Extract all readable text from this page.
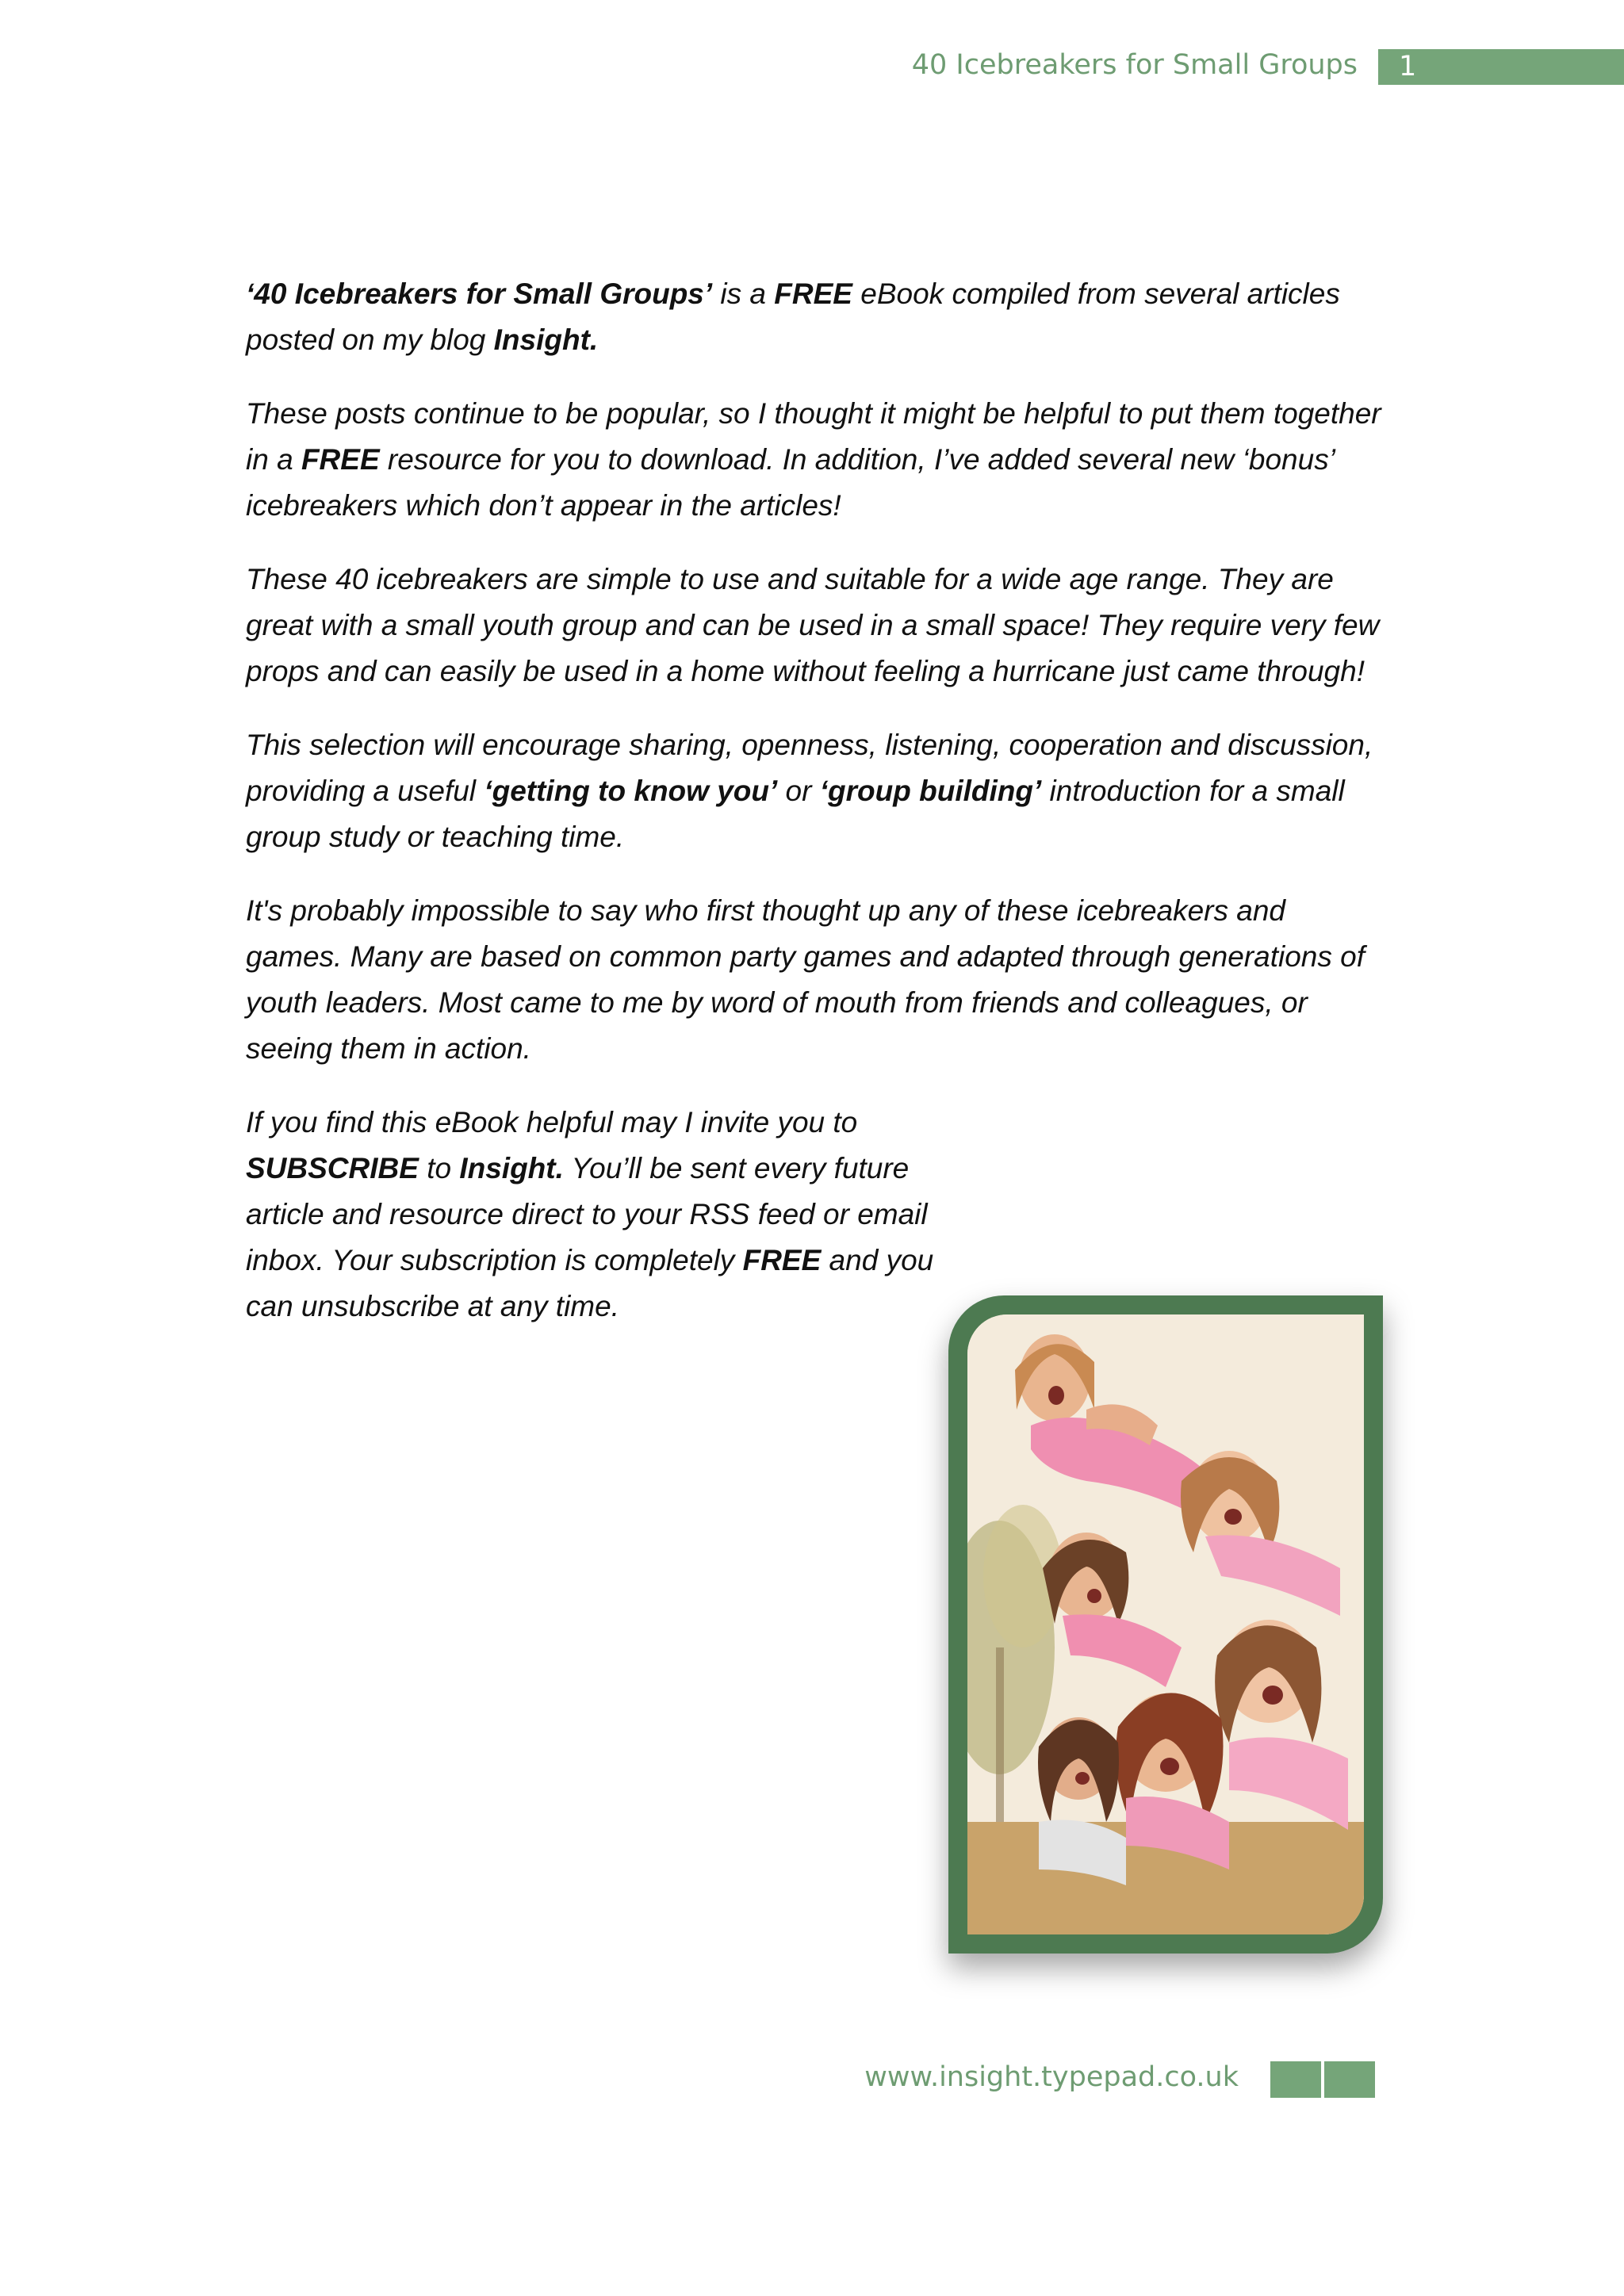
40 Icebreakers for Small Groups 1

‘40 Icebreakers for Small Groups’ is a FREE eBook compiled from several articles posted on my blog Insight.

These posts continue to be popular, so I thought it might be helpful to put them together in a FREE resource for you to download. In addition, I’ve added several new ‘bonus’ icebreakers which don’t appear in the articles!

These 40 icebreakers are simple to use and suitable for a wide age range. They are great with a small youth group and can be used in a small space! They require very few props and can easily be used in a home without feeling a hurricane just came through!

This selection will encourage sharing, openness, listening, cooperation and discussion, providing a useful ‘getting to know you’ or ‘group building’ introduction for a small group study or teaching time.

It's probably impossible to say who first thought up any of these icebreakers and games. Many are based on common party games and adapted through generations of youth leaders. Most came to me by word of mouth from friends and colleagues, or seeing them in action.

If you find this eBook helpful may I invite you to SUBSCRIBE to Insight. You’ll be sent every future article and resource direct to your RSS feed or email inbox. Your subscription is completely FREE and you can unsubscribe at any time.

www.insight.typepad.co.uk
